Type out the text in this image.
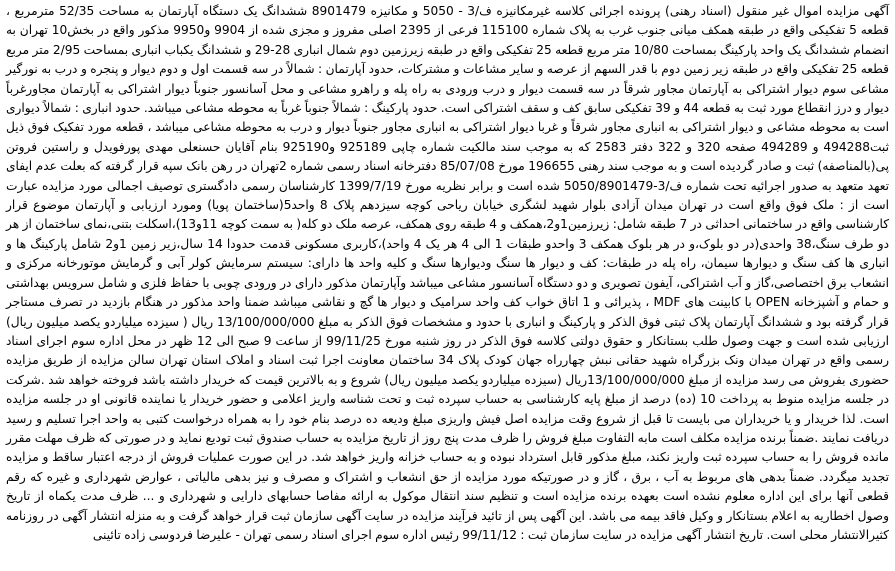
آگهی مزایده اموال غیر منقول (اسناد رهنی) پرونده اجرائی کلاسه غیرمکانیزه ف/3 - 5050 و مکانیزه 8901479 ششدانگ یک دستگاه آپارتمان به مساحت 52/35 مترمربع ، قطعه 5 تفکیکی واقع در طبقه همکف میانی جنوب غرب به پلاک شماره 115100 فرعی از 2395 اصلی مفروز و مجزی شده از 9904 و9950 مذکور واقع در بخش10 تهران به انضمام ششدانگ یک واحد پارکینگ بمساحت 10/80 متر مربع قطعه 25 تفکیکی واقع در طبقه زیرزمین دوم شمال انباری 28-29 و ششدانگ یکباب انباری بمساحت 2/95 متر مربع قطعه 25 تفکیکی واقع در طبقه زیر زمین دوم با قدر السهم از عرصه و سایر مشاعات و مشترکات، حدود آپارتمان : شمالاً در سه قسمت اول و دوم دیوار و پنجره و درب به نورگیر مشاعی سوم دیوار اشتراکی به آپارتمان مجاور شرقاً در سه قسمت دیوار و درب ورودی به راه پله و راهرو مشاعی و محل آسانسور جنوباً دیوار اشتراکی به آپارتمان مجاورغرباً دیوار و درز انقطاع مورد ثبت به قطعه 44 و 39 تفکیکی سابق کف و سقف اشتراکی است. حدود پارکینگ : شمالاً جنوباً غرباً به محوطه مشاعی میباشد. حدود انباری : شمالاً دیواری است به محوطه مشاعی و دیوار اشتراکی به انباری مجاور شرقاً و غربا دیوار اشتراکی به انباری مجاور جنوباً دیوار و درب به محوطه مشاعی میباشد ، قطعه مورد تفکیک فوق ذیل ثبت494288 و 494289 صفحه 320 و 322 دفتر 2583 که به موجب سند مالکیت شماره چاپی 925189 و925190 بنام آقایان حسنعلی مهدی پورفویدل و راستین فروتن پی(بالمناصفه) ثبت و صادر گردیده است و به موجب سند رهنی 196655 مورخ 85/07/08 دفترخانه اسناد رسمی شماره 2تهران در رهن بانک سپه قرار گرفته که بعلت عدم ایفای تعهد متعهد به صدور اجرائیه تحت شماره ف/3-5050/8901479 شده است و برابر نظریه مورخ 1399/7/19 کارشناسان رسمی دادگستری توصیف اجمالی مورد مزایده عبارت است از : ملک فوق واقع است در تهران میدان آزادی بلوار شهید لشگری خیابان ریاحی کوچه سیزدهم پلاک 8 واحد5(ساختمان پویا) ومورد ارزیابی و آپارتمان موضوع قرار کارشناسی واقع در ساختمانی احداثی در 7 طبقه شامل: زیرزمین1و2،همکف و 4 طبقه روی همکف، عرصه ملک دو کله( به سمت کوچه 11و13)،اسکلت بتنی،نمای ساختمان از هر دو طرف سنگ،38 واحدی(در دو بلوک،و در هر بلوک همکف 3 واحدو طبقات 1 الی 4 هر یک 4 واحد)،کاربری مسکونی قدمت حدودا 14 سال،زیر زمین 1و2 شامل پارکینگ ها و انباری ها کف سنگ و دیوارها سیمان، راه پله در طبقات: کف و دیوار ها سنگ ودیوارها سنگ و کلیه واحد ها دارای: سیستم سرمایش کولر آبی و گرمایش موتورخانه مرکزی و انشعاب برق اختصاصی،گاز و آب اشتراکی، آیفون تصویری و دو دستگاه آسانسور مشاعی میباشد وآپارتمان مذکور دارای در ورودی چوبی با حفاظ فلزی و شامل سرویس بهداشتی و حمام و آشپزخانه OPEN با کابینت های MDF ، پذیرائی و 1 اتاق خواب کف واحد سرامیک و دیوار ها گچ و نقاشی میباشد ضمنا واحد مذکور در هنگام بازدید در تصرف مستاجر قرار گرفته بود و ششدانگ آپارتمان پلاک ثبتی فوق الذکر و پارکینگ و انباری با حدود و مشخصات فوق الذکر به مبلغ 13/100/000/000 ریال ( سیزده میلیاردو یکصد میلیون ریال) ارزیابی شده است و جهت وصول طلب بستانکار و حقوق دولتی کلاسه فوق الذکر در روز شنبه مورخ 99/11/25 از ساعت 9 صبح الی 12 ظهر در محل اداره سوم اجرای اسناد رسمی واقع در تهران میدان ونک بزرگراه شهید حقانی نبش چهارراه جهان کودک پلاک 34 ساختمان معاونت اجرا ثبت اسناد و املاک استان تهران سالن مزایده از طریق مزایده حضوری بفروش می رسد مزایده از مبلغ 13/100/000/000ریال (سیزده میلیاردو یکصد میلیون ریال) شروع و به بالاترین قیمت که خریدار داشته باشد فروخته خواهد شد .شرکت در جلسه مزایده منوط به پرداخت 10 (ده) درصد از مبلغ پایه کارشناسی به حساب سپرده ثبت و تحت شناسه واریز اعلامی و حضور خریدار یا نماینده قانونی او در جلسه مزایده است. لذا خریدار و یا خریداران می بایست تا قبل از شروع وقت مزایده اصل فیش واریزی مبلغ ودیعه ده درصد بنام خود را به همراه درخواست کتبی به واحد اجرا تسلیم و رسید دریافت نمایند .ضمناً برنده مزایده مکلف است مابه التفاوت مبلغ فروش را ظرف مدت پنج روز از تاریخ مزایده به حساب صندوق ثبت تودیع نماید و در صورتی که ظرف مهلت مقرر مانده فروش را به حساب سپرده ثبت واریز نکند، مبلغ مذکور قابل استرداد نبوده و به حساب خزانه واریز خواهد شد. در این صورت عملیات فروش از درجه اعتبار ساقط و مزایده تجدید میگردد. ضمناً بدهی های مربوط به آب ، برق ، گاز و در صورتیکه مورد مزایده از حق انشعاب و اشتراک و مصرف و نیز بدهی مالیاتی ، عوارض شهرداری و غیره که رقم قطعی آنها برای این اداره معلوم نشده است بعهده برنده مزایده است و تنظیم سند انتقال موکول به ارائه مفاصا حسابهای دارایی و شهرداری و ... ظرف مدت یکماه از تاریخ وصول اخطاریه به اعلام بستانکار و وکیل فاقد بیمه می باشد. این آگهی پس از تائید فرآیند مزایده در سایت آگهی سازمان ثبت قرار خواهد گرفت و به منزله انتشار آگهی در روزنامه کثیرالانتشار محلی است. تاریخ انتشار آگهی مزایده در سایت سازمان ثبت : 99/11/12 رئیس اداره سوم اجرای اسناد رسمی تهران - علیرضا فردوسی زاده تائینی
